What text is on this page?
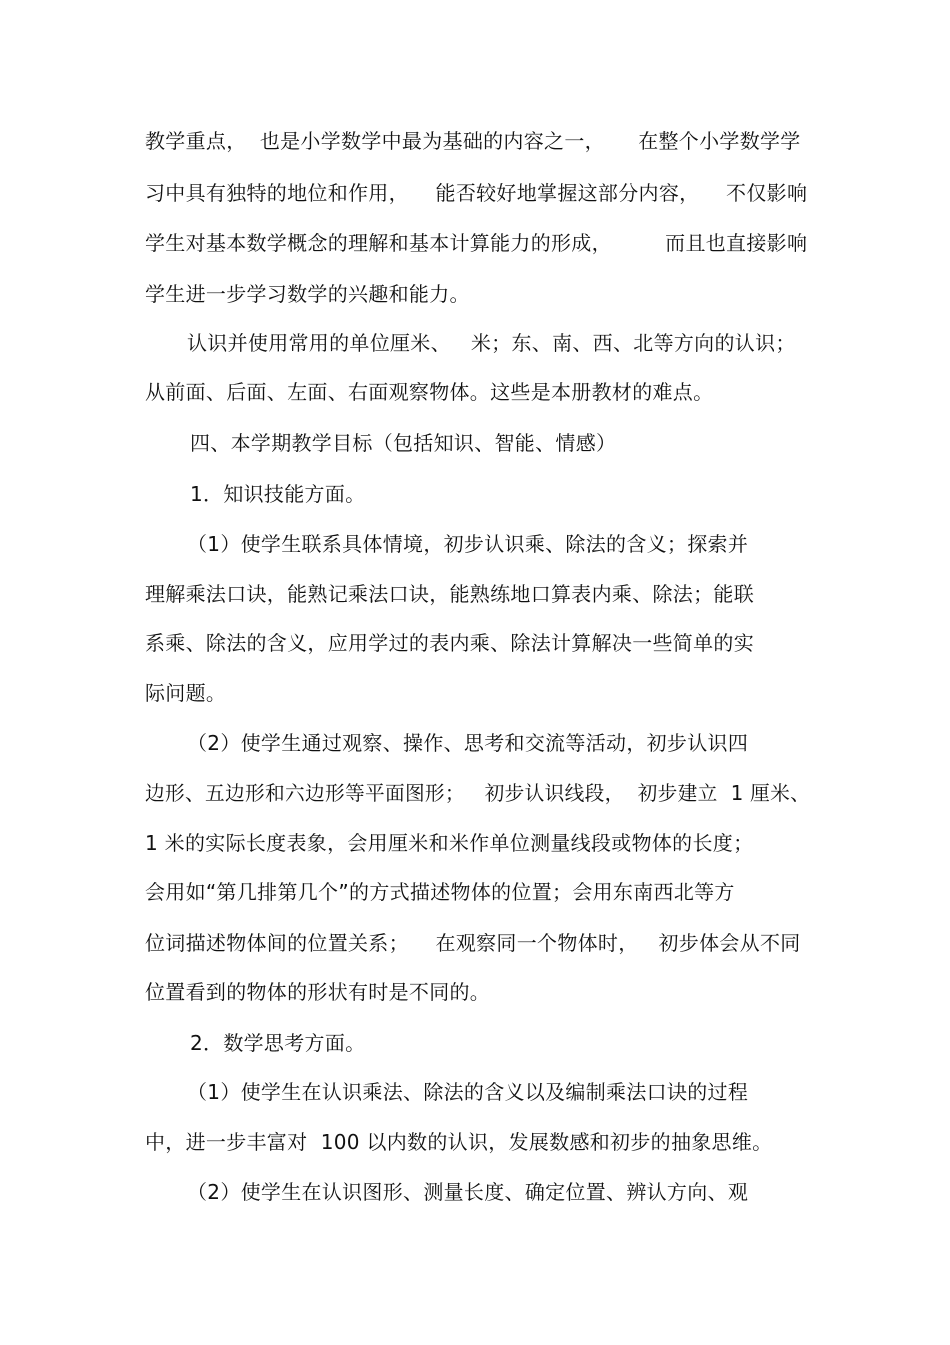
教学重点，  也是小学数学中最为基础的内容之一，     在整个小学数学学
习中具有独特的地位和作用，    能否较好地掌握这部分内容，    不仅影响
学生对基本数学概念的理解和基本计算能力的形成，        而且也直接影响
学生进一步学习数学的兴趣和能力。
认识并使用常用的单位厘米、   米；东、南、西、北等方向的认识；
从前面、后面、左面、右面观察物体。这些是本册教材的难点。
四、本学期教学目标（包括知识、智能、情感）
1．知识技能方面。
（1）使学生联系具体情境，初步认识乘、除法的含义；探索并
理解乘法口诀，能熟记乘法口诀，能熟练地口算表内乘、除法；能联
系乘、除法的含义，应用学过的表内乘、除法计算解决一些简单的实
际问题。
（2）使学生通过观察、操作、思考和交流等活动，初步认识四
边形、五边形和六边形等平面图形；   初步认识线段，  初步建立  1 厘米、
1 米的实际长度表象，会用厘米和米作单位测量线段或物体的长度；
会用如“第几排第几个”的方式描述物体的位置；会用东南西北等方
位词描述物体间的位置关系；    在观察同一个物体时，   初步体会从不同
位置看到的物体的形状有时是不同的。
2．数学思考方面。
（1）使学生在认识乘法、除法的含义以及编制乘法口诀的过程
中，进一步丰富对  100 以内数的认识，发展数感和初步的抽象思维。
（2）使学生在认识图形、测量长度、确定位置、辨认方向、观
